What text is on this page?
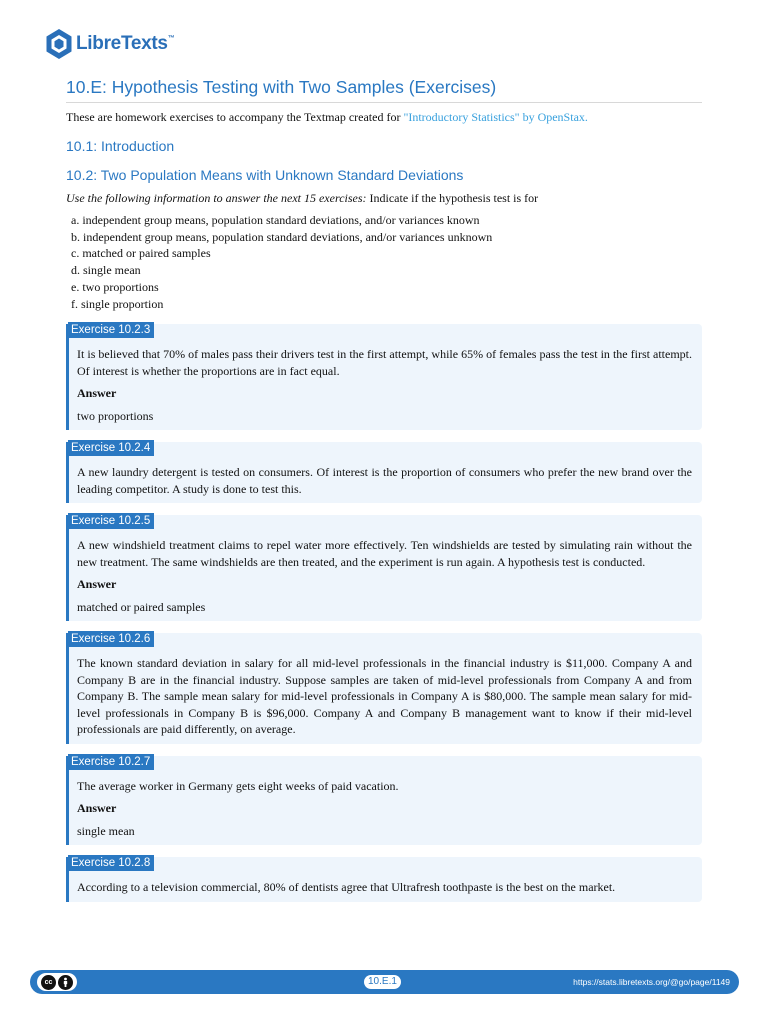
LibreTexts™
10.E: Hypothesis Testing with Two Samples (Exercises)

These are homework exercises to accompany the Textmap created for "Introductory Statistics" by OpenStax.

10.1: Introduction
10.2: Two Population Means with Unknown Standard Deviations

Use the following information to answer the next 15 exercises: Indicate if the hypothesis test is for

a. independent group means, population standard deviations, and/or variances known
b. independent group means, population standard deviations, and/or variances unknown
c. matched or paired samples
d. single mean
e. two proportions
f. single proportion
Exercise 10.2.3

It is believed that 70% of males pass their drivers test in the first attempt, while 65% of females pass the test in the first attempt. Of interest is whether the proportions are in fact equal.

Answer

two proportions

Exercise 10.2.4

A new laundry detergent is tested on consumers. Of interest is the proportion of consumers who prefer the new brand over the leading competitor. A study is done to test this.

Exercise 10.2.5

A new windshield treatment claims to repel water more effectively. Ten windshields are tested by simulating rain without the new treatment. The same windshields are then treated, and the experiment is run again. A hypothesis test is conducted.

Answer

matched or paired samples

Exercise 10.2.6

The known standard deviation in salary for all mid-level professionals in the financial industry is $11,000. Company A and Company B are in the financial industry. Suppose samples are taken of mid-level professionals from Company A and from Company B. The sample mean salary for mid-level professionals in Company A is $80,000. The sample mean salary for mid-level professionals in Company B is $96,000. Company A and Company B management want to know if their mid-level professionals are paid differently, on average.

Exercise 10.2.7

The average worker in Germany gets eight weeks of paid vacation.

Answer

single mean

Exercise 10.2.8

According to a television commercial, 80% of dentists agree that Ultrafresh toothpaste is the best on the market.

cc	10.E.1	https://stats.libretexts.org/@go/page/1149
